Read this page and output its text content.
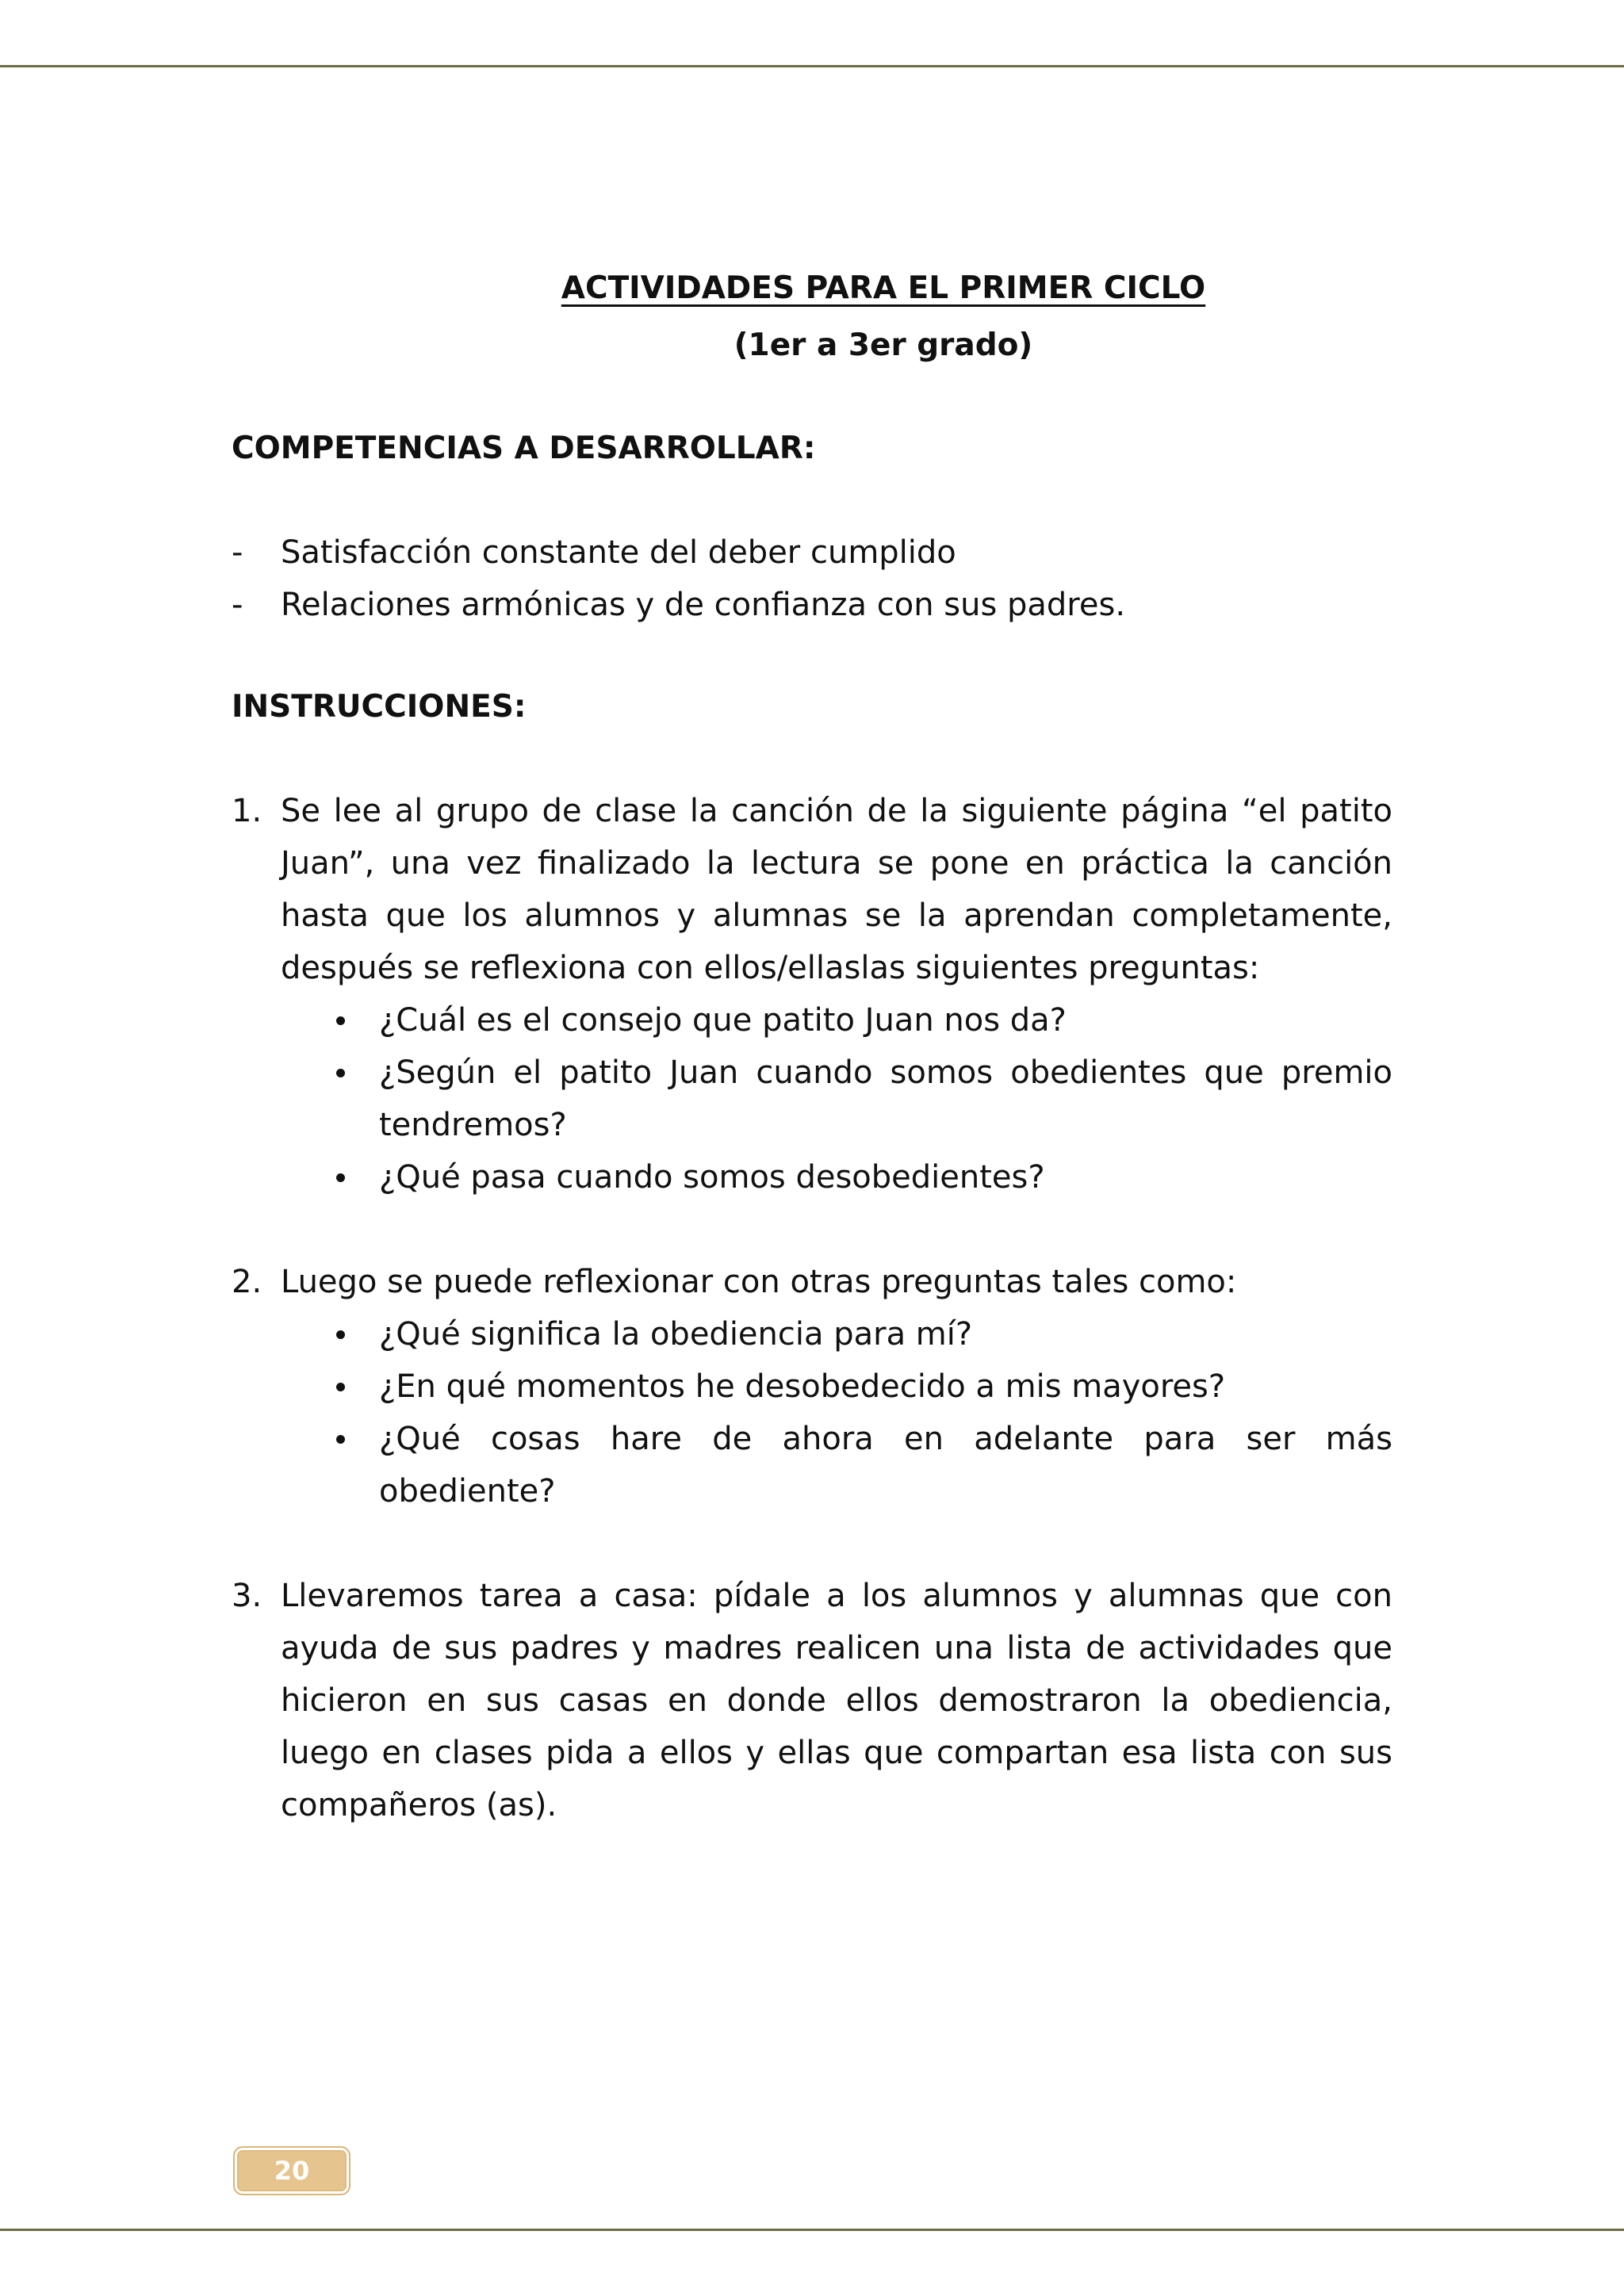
ACTIVIDADES PARA EL PRIMER CICLO
(1er a 3er grado)
COMPETENCIAS A DESARROLLAR:
- Satisfacción constante del deber cumplido
- Relaciones armónicas y de confianza con sus padres.
INSTRUCCIONES:
1. Se lee al grupo de clase la canción de la siguiente página “el patito Juan”, una vez finalizado la lectura se pone en práctica la canción hasta que los alumnos y alumnas se la aprendan completamente, después se reflexiona con ellos/ellaslas siguientes preguntas:
¿Cuál es el consejo que patito Juan nos da?
¿Según el patito Juan cuando somos obedientes que premio tendremos?
¿Qué pasa cuando somos desobedientes?
2. Luego se puede reflexionar con otras preguntas tales como:
¿Qué significa la obediencia para mí?
¿En qué momentos he desobedecido a mis mayores?
¿Qué cosas hare de ahora en adelante para ser más obediente?
3. Llevaremos tarea a casa: pídale a los alumnos y alumnas que con ayuda de sus padres y madres realicen una lista de actividades que hicieron en sus casas en donde ellos demostraron la obediencia, luego en clases pida a ellos y ellas que compartan esa lista con sus compañeros (as).
20
